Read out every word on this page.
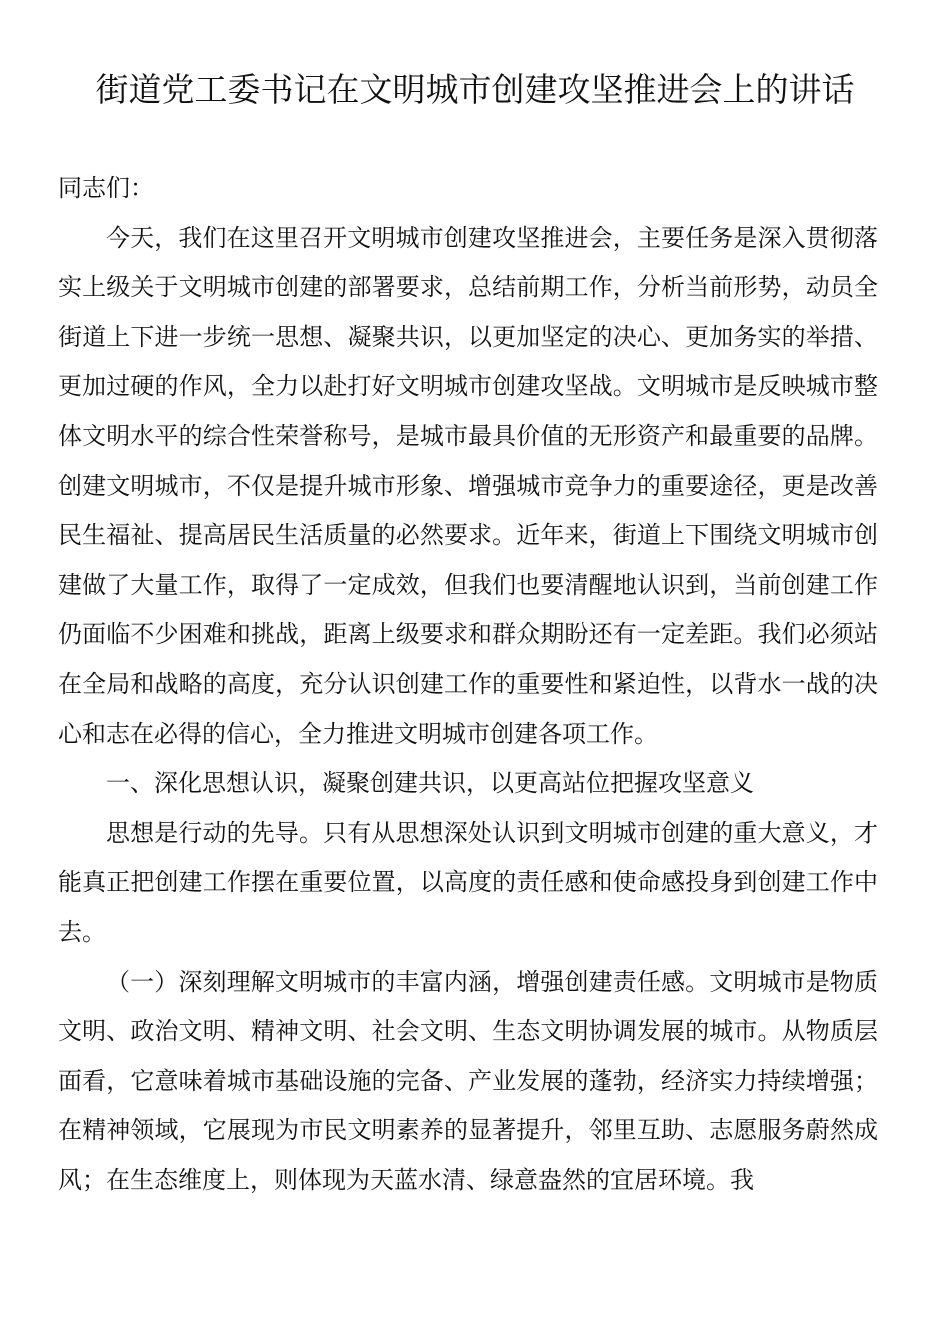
街道党工委书记在文明城市创建攻坚推进会上的讲话

同志们：

今天，我们在这里召开文明城市创建攻坚推进会，主要任务是深入贯彻落实上级关于文明城市创建的部署要求，总结前期工作，分析当前形势，动员全街道上下进一步统一思想、凝聚共识，以更加坚定的决心、更加务实的举措、更加过硬的作风，全力以赴打好文明城市创建攻坚战。文明城市是反映城市整体文明水平的综合性荣誉称号，是城市最具价值的无形资产和最重要的品牌。创建文明城市，不仅是提升城市形象、增强城市竞争力的重要途径，更是改善民生福祉、提高居民生活质量的必然要求。近年来，街道上下围绕文明城市创建做了大量工作，取得了一定成效，但我们也要清醒地认识到，当前创建工作仍面临不少困难和挑战，距离上级要求和群众期盼还有一定差距。我们必须站在全局和战略的高度，充分认识创建工作的重要性和紧迫性，以背水一战的决心和志在必得的信心，全力推进文明城市创建各项工作。

一、深化思想认识，凝聚创建共识，以更高站位把握攻坚意义

思想是行动的先导。只有从思想深处认识到文明城市创建的重大意义，才能真正把创建工作摆在重要位置，以高度的责任感和使命感投身到创建工作中去。

（一）深刻理解文明城市的丰富内涵，增强创建责任感。文明城市是物质文明、政治文明、精神文明、社会文明、生态文明协调发展的城市。从物质层面看，它意味着城市基础设施的完备、产业发展的蓬勃，经济实力持续增强；在精神领域，它展现为市民文明素养的显著提升，邻里互助、志愿服务蔚然成风；在生态维度上，则体现为天蓝水清、绿意盎然的宜居环境。我
